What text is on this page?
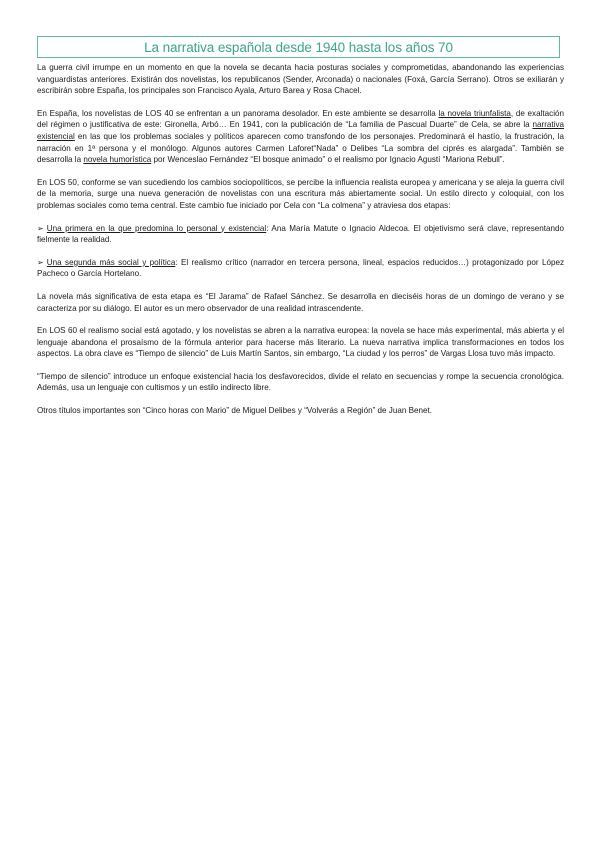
La narrativa española desde 1940 hasta los años 70

La guerra civil irrumpe en un momento en que la novela se decanta hacia posturas sociales y comprometidas, abandonando las experiencias vanguardistas anteriores. Existirán dos novelistas, los republicanos (Sender, Arconada) o nacionales (Foxá, García Serrano). Otros se exiliarán y escribirán sobre España, los principales son Francisco Ayala, Arturo Barea y Rosa Chacel.

En España, los novelistas de LOS 40 se enfrentan a un panorama desolador. En este ambiente se desarrolla la novela triunfalista, de exaltación del régimen o justificativa de este: Gironella, Arbó… En 1941, con la publicación de “La familia de Pascual Duarte” de Cela, se abre la narrativa existencial en las que los problemas sociales y políticos aparecen como transfondo de los personajes. Predominará el hastío, la frustración, la narración en 1ª persona y el monólogo. Algunos autores Carmen Laforet“Nada” o Delibes “La sombra del ciprés es alargada”. También se desarrolla la novela humorística por Wenceslao Fernández “El bosque animado” o el realismo por Ignacio Agustí “Mariona Rebull”.

En LOS 50, conforme se van sucediendo los cambios sociopolíticos, se percibe la influencia realista europea y americana y se aleja la guerra civil de la memoria, surge una nueva generación de novelistas con una escritura más abiertamente social. Un estilo directo y coloquial, con los problemas sociales como tema central. Este cambio fue iniciado por Cela con “La colmena” y atraviesa dos etapas:

➢ Una primera en la que predomina lo personal y existencial: Ana María Matute o Ignacio Aldecoa. El objetivismo será clave, representando fielmente la realidad.

➢ Una segunda más social y política: El realismo crítico (narrador en tercera persona, lineal, espacios reducidos…) protagonizado por López Pacheco o García Hortelano.

La novela más significativa de esta etapa es “El Jarama” de Rafael Sánchez. Se desarrolla en dieciséis horas de un domingo de verano y se caracteriza por su diálogo. El autor es un mero observador de una realidad intrascendente.

En LOS 60 el realismo social está agotado, y los novelistas se abren a la narrativa europea: la novela se hace más experimental, más abierta y el lenguaje abandona el prosaísmo de la fórmula anterior para hacerse más literario. La nueva narrativa implica transformaciones en todos los aspectos. La obra clave es “Tiempo de silencio” de Luis Martín Santos, sin embargo, “La ciudad y los perros” de Vargas Llosa tuvo más impacto.

“Tiempo de silencio” introduce un enfoque existencial hacia los desfavorecidos, divide el relato en secuencias y rompe la secuencia cronológica. Además, usa un lenguaje con cultismos y un estilo indirecto libre.

Otros títulos importantes son “Cinco horas con Mario” de Miguel Delibes y “Volverás a Región” de Juan Benet.
